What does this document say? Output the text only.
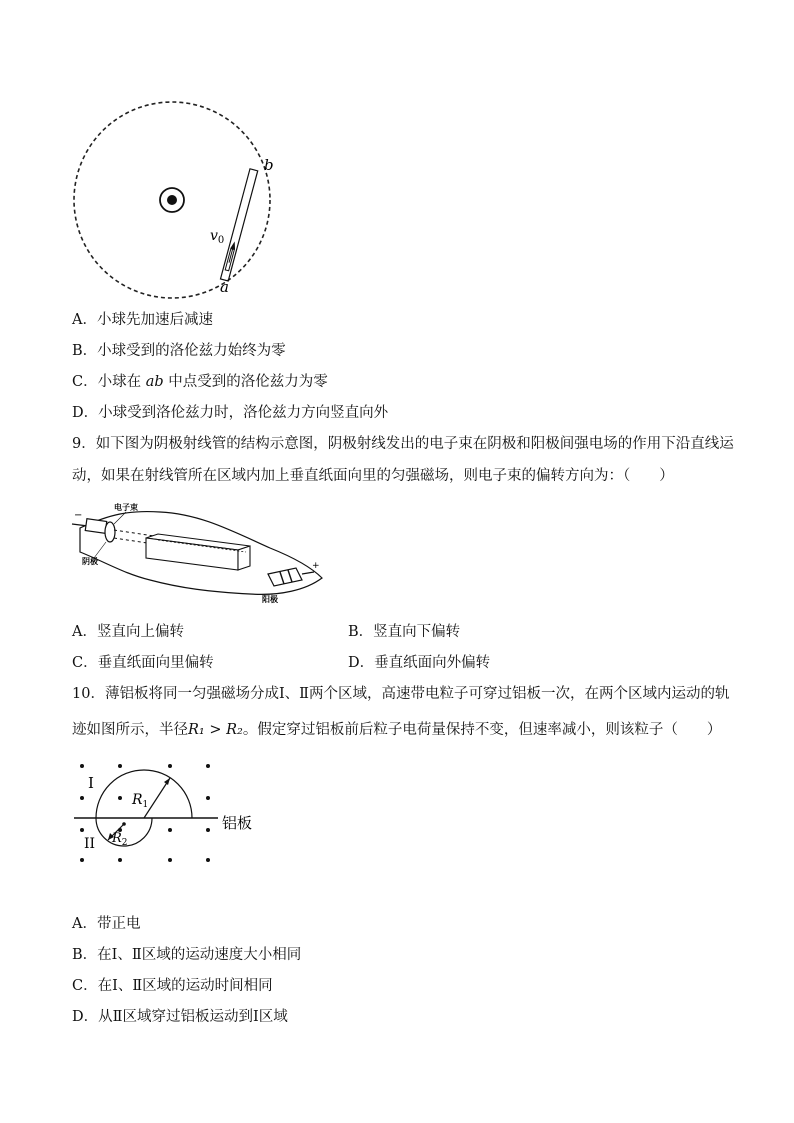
b
a
$v_0$
A．小球先加速后减速
B．小球受到的洛伦兹力始终为零
C．小球在 ab 中点受到的洛伦兹力为零
D．小球受到洛伦兹力时，洛伦兹力方向竖直向外
9．如下图为阴极射线管的结构示意图，阴极射线发出的电子束在阴极和阳极间强电场的作用下沿直线运
动，如果在射线管所在区域内加上垂直纸面向里的匀强磁场，则电子束的偏转方向为：（　　）
−
+
电子束
阴极
阳极
A．竖直向上偏转	B．竖直向下偏转
C．垂直纸面向里偏转	D．垂直纸面向外偏转
10．薄铝板将同一匀强磁场分成Ⅰ、Ⅱ两个区域，高速带电粒子可穿过铝板一次，在两个区域内运动的轨
迹如图所示，半径R₁ > R₂。假定穿过铝板前后粒子电荷量保持不变，但速率减小，则该粒子（　　）
I
II
$R_1$
$R_2$
铝板
A．带正电
B．在Ⅰ、Ⅱ区域的运动速度大小相同
C．在Ⅰ、Ⅱ区域的运动时间相同
D．从Ⅱ区域穿过铝板运动到Ⅰ区域
